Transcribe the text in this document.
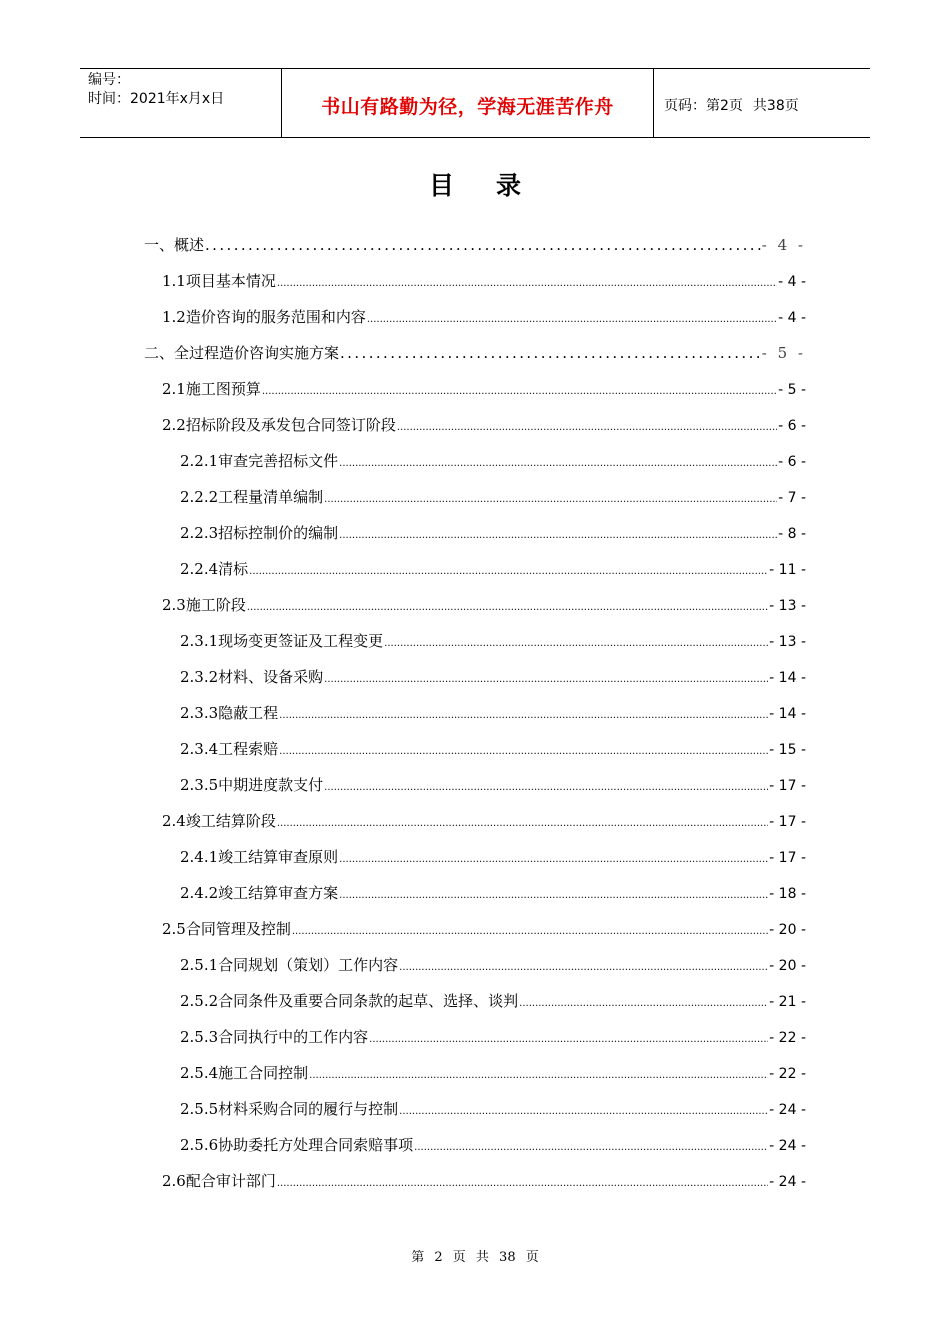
编号：
时间：2021年x月x日	书山有路勤为径，学海无涯苦作舟	页码：第2页 共38页
目录
一、概述 .....	- 4 -
1.1项目基本情况 .....	- 4 -
1.2造价咨询的服务范围和内容 .....	- 4 -
二、全过程造价咨询实施方案 .....	- 5 -
2.1施工图预算 .....	- 5 -
2.2招标阶段及承发包合同签订阶段 .....	- 6 -
2.2.1审查完善招标文件 .....	- 6 -
2.2.2工程量清单编制 .....	- 7 -
2.2.3招标控制价的编制 .....	- 8 -
2.2.4清标 .....	- 11 -
2.3施工阶段 .....	- 13 -
2.3.1现场变更签证及工程变更 .....	- 13 -
2.3.2材料、设备采购 .....	- 14 -
2.3.3隐蔽工程 .....	- 14 -
2.3.4工程索赔 .....	- 15 -
2.3.5中期进度款支付 .....	- 17 -
2.4竣工结算阶段 .....	- 17 -
2.4.1竣工结算审查原则 .....	- 17 -
2.4.2竣工结算审查方案 .....	- 18 -
2.5合同管理及控制 .....	- 20 -
2.5.1合同规划（策划）工作内容 .....	- 20 -
2.5.2合同条件及重要合同条款的起草、选择、谈判 .....	- 21 -
2.5.3合同执行中的工作内容 .....	- 22 -
2.5.4施工合同控制 .....	- 22 -
2.5.5材料采购合同的履行与控制 .....	- 24 -
2.5.6协助委托方处理合同索赔事项 .....	- 24 -
2.6配合审计部门 .....	- 24 -
第 2 页 共 38 页
